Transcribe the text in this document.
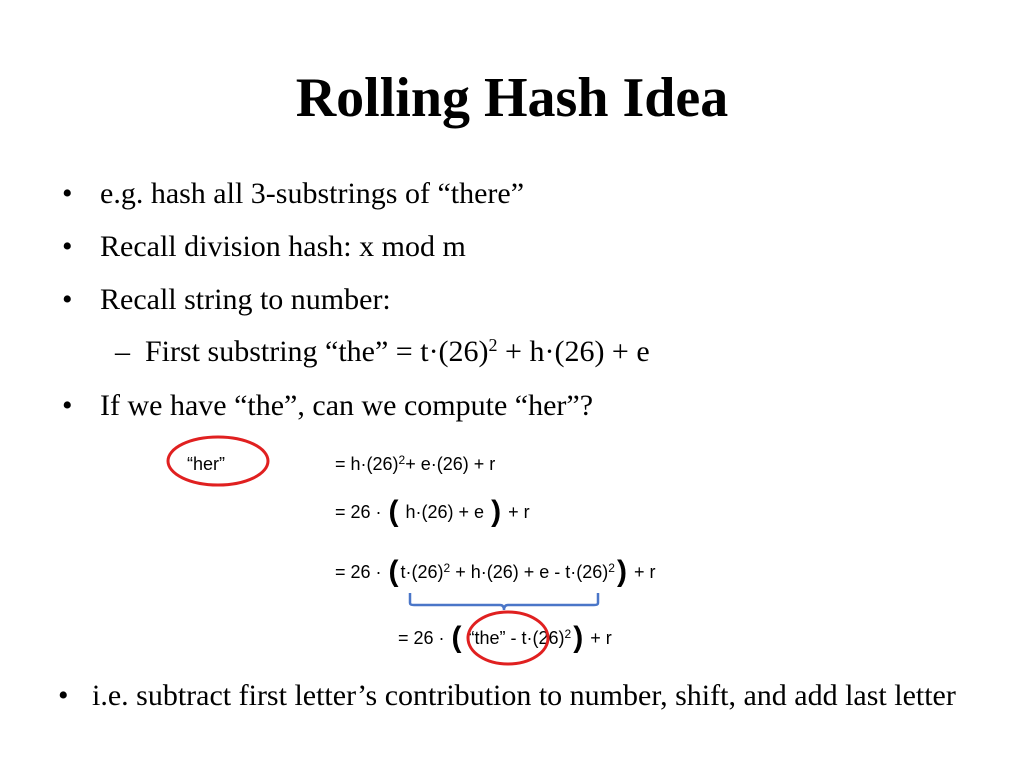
Rolling Hash Idea
• e.g. hash all 3-substrings of “there”
• Recall division hash: x mod m
• Recall string to number:
– First substring “the” = $t\cdot(26)^2 + h\cdot(26) + e$
• If we have “the”, can we compute “her”?
“her”	= $h\cdot(26)^2+ e\cdot(26) + r$
= 26 · ( h·(26) + e ) + r
= 26 · ( $t\cdot(26)^2 + h\cdot(26) + e - t\cdot(26)^2) + r$
= 26 · ( “the” - $t\cdot(26)^2) + r$
• i.e. subtract first letter’s contribution to number, shift, and add last letter
